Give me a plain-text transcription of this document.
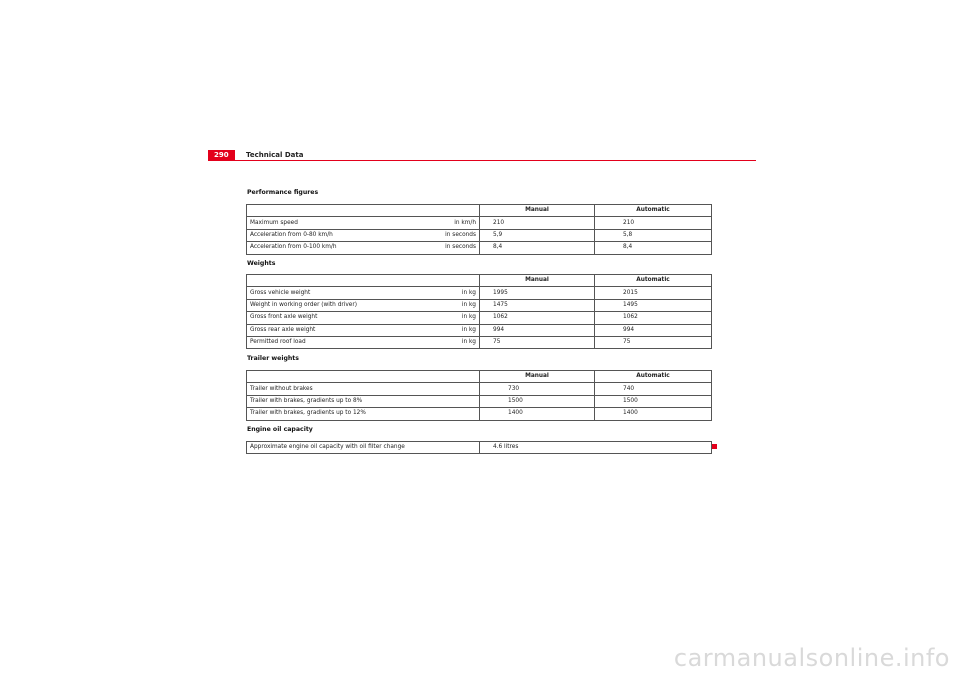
290	Technical Data
Performance figures
	Manual	Automatic

Maximum speed in km/h	210	210

Acceleration from 0-80 km/h in seconds	5,9	5,8

Acceleration from 0-100 km/h in seconds	8,4	8,4
Weights
	Manual	Automatic

Gross vehicle weight in kg	1995	2015

Weight in working order (with driver) in kg	1475	1495

Gross front axle weight in kg	1062	1062

Gross rear axle weight in kg	994	994

Permitted roof load in kg	75	75
Trailer weights
	Manual	Automatic
Trailer without brakes	730	740
Trailer with brakes, gradients up to 8%	1500	1500
Trailer with brakes, gradients up to 12%	1400	1400
Engine oil capacity
Approximate engine oil capacity with oil filter change	4.6 litres
carmanualsonline.info
